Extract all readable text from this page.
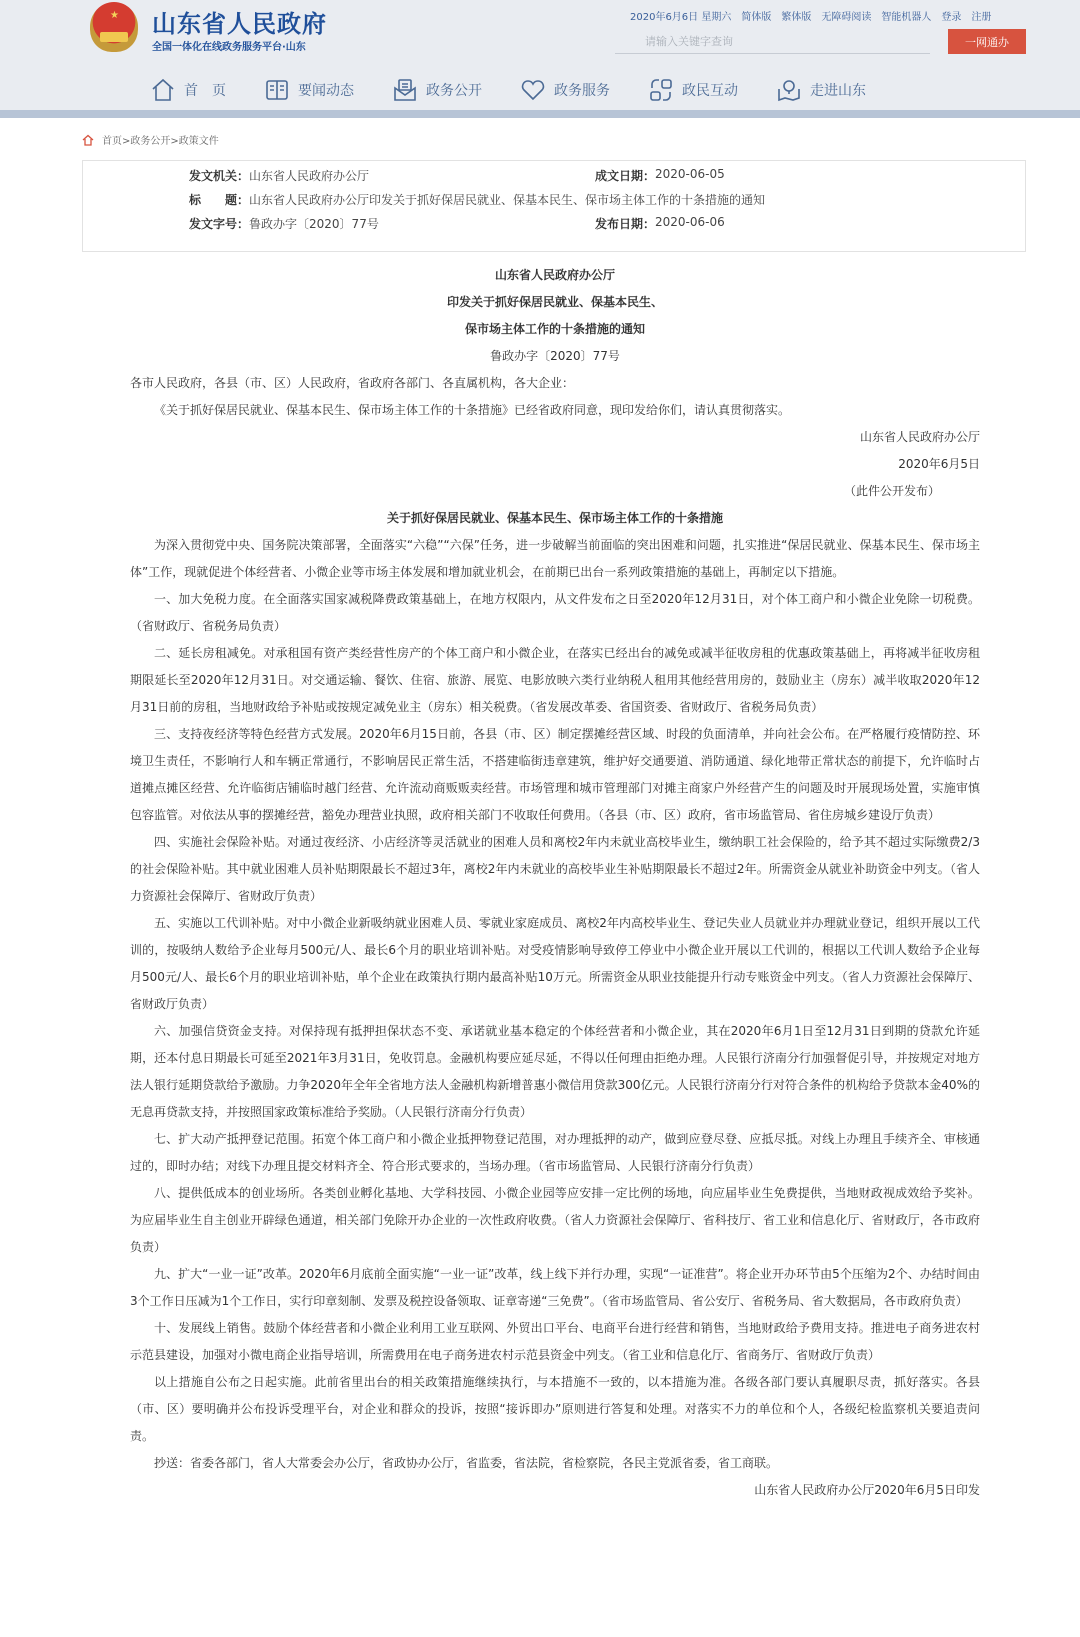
★ 山东省人民政府
全国一体化在线政务服务平台·山东
2020年6月6日 星期六 简体版 繁体版 无障碍阅读 智能机器人 登录 注册
请输入关键字查询
一网通办
首　页	要闻动态	政务公开	政务服务	政民互动	走进山东
首页>政务公开>政策文件
发文机关： 山东省人民政府办公厅	成文日期： 2020-06-05
标　　题： 山东省人民政府办公厅印发关于抓好保居民就业、保基本民生、保市场主体工作的十条措施的通知
发文字号： 鲁政办字〔2020〕77号	发布日期： 2020-06-06

山东省人民政府办公厅

印发关于抓好保居民就业、保基本民生、

保市场主体工作的十条措施的通知

鲁政办字〔2020〕77号

各市人民政府，各县（市、区）人民政府，省政府各部门、各直属机构，各大企业：

《关于抓好保居民就业、保基本民生、保市场主体工作的十条措施》已经省政府同意，现印发给你们，请认真贯彻落实。

山东省人民政府办公厅

2020年6月5日

（此件公开发布）

关于抓好保居民就业、保基本民生、保市场主体工作的十条措施

为深入贯彻党中央、国务院决策部署，全面落实“六稳”“六保”任务，进一步破解当前面临的突出困难和问题，扎实推进“保居民就业、保基本民生、保市场主体”工作，现就促进个体经营者、小微企业等市场主体发展和增加就业机会，在前期已出台一系列政策措施的基础上，再制定以下措施。

一、加大免税力度。在全面落实国家减税降费政策基础上，在地方权限内，从文件发布之日至2020年12月31日，对个体工商户和小微企业免除一切税费。（省财政厅、省税务局负责）

二、延长房租减免。对承租国有资产类经营性房产的个体工商户和小微企业，在落实已经出台的减免或减半征收房租的优惠政策基础上，再将减半征收房租期限延长至2020年12月31日。对交通运输、餐饮、住宿、旅游、展览、电影放映六类行业纳税人租用其他经营用房的，鼓励业主（房东）减半收取2020年12月31日前的房租，当地财政给予补贴或按规定减免业主（房东）相关税费。（省发展改革委、省国资委、省财政厅、省税务局负责）

三、支持夜经济等特色经营方式发展。2020年6月15日前，各县（市、区）制定摆摊经营区域、时段的负面清单，并向社会公布。在严格履行疫情防控、环境卫生责任，不影响行人和车辆正常通行，不影响居民正常生活，不搭建临街违章建筑，维护好交通要道、消防通道、绿化地带正常状态的前提下，允许临时占道摊点摊区经营、允许临街店铺临时越门经营、允许流动商贩贩卖经营。市场管理和城市管理部门对摊主商家户外经营产生的问题及时开展现场处置，实施审慎包容监管。对依法从事的摆摊经营，豁免办理营业执照，政府相关部门不收取任何费用。（各县（市、区）政府，省市场监管局、省住房城乡建设厅负责）

四、实施社会保险补贴。对通过夜经济、小店经济等灵活就业的困难人员和离校2年内未就业高校毕业生，缴纳职工社会保险的，给予其不超过实际缴费2/3的社会保险补贴。其中就业困难人员补贴期限最长不超过3年，离校2年内未就业的高校毕业生补贴期限最长不超过2年。所需资金从就业补助资金中列支。（省人力资源社会保障厅、省财政厅负责）

五、实施以工代训补贴。对中小微企业新吸纳就业困难人员、零就业家庭成员、离校2年内高校毕业生、登记失业人员就业并办理就业登记，组织开展以工代训的，按吸纳人数给予企业每月500元/人、最长6个月的职业培训补贴。对受疫情影响导致停工停业中小微企业开展以工代训的，根据以工代训人数给予企业每月500元/人、最长6个月的职业培训补贴，单个企业在政策执行期内最高补贴10万元。所需资金从职业技能提升行动专账资金中列支。（省人力资源社会保障厅、省财政厅负责）

六、加强信贷资金支持。对保持现有抵押担保状态不变、承诺就业基本稳定的个体经营者和小微企业，其在2020年6月1日至12月31日到期的贷款允许延期，还本付息日期最长可延至2021年3月31日，免收罚息。金融机构要应延尽延，不得以任何理由拒绝办理。人民银行济南分行加强督促引导，并按规定对地方法人银行延期贷款给予激励。力争2020年全年全省地方法人金融机构新增普惠小微信用贷款300亿元。人民银行济南分行对符合条件的机构给予贷款本金40%的无息再贷款支持，并按照国家政策标准给予奖励。（人民银行济南分行负责）

七、扩大动产抵押登记范围。拓宽个体工商户和小微企业抵押物登记范围，对办理抵押的动产，做到应登尽登、应抵尽抵。对线上办理且手续齐全、审核通过的，即时办结；对线下办理且提交材料齐全、符合形式要求的，当场办理。（省市场监管局、人民银行济南分行负责）

八、提供低成本的创业场所。各类创业孵化基地、大学科技园、小微企业园等应安排一定比例的场地，向应届毕业生免费提供，当地财政视成效给予奖补。为应届毕业生自主创业开辟绿色通道，相关部门免除开办企业的一次性政府收费。（省人力资源社会保障厅、省科技厅、省工业和信息化厅、省财政厅，各市政府负责）

九、扩大“一业一证”改革。2020年6月底前全面实施“一业一证”改革，线上线下并行办理，实现“一证准营”。将企业开办环节由5个压缩为2个、办结时间由3个工作日压减为1个工作日，实行印章刻制、发票及税控设备领取、证章寄递“三免费”。（省市场监管局、省公安厅、省税务局、省大数据局，各市政府负责）

十、发展线上销售。鼓励个体经营者和小微企业利用工业互联网、外贸出口平台、电商平台进行经营和销售，当地财政给予费用支持。推进电子商务进农村示范县建设，加强对小微电商企业指导培训，所需费用在电子商务进农村示范县资金中列支。（省工业和信息化厅、省商务厅、省财政厅负责）

以上措施自公布之日起实施。此前省里出台的相关政策措施继续执行，与本措施不一致的，以本措施为准。各级各部门要认真履职尽责，抓好落实。各县（市、区）要明确并公布投诉受理平台，对企业和群众的投诉，按照“接诉即办”原则进行答复和处理。对落实不力的单位和个人，各级纪检监察机关要追责问责。

抄送：省委各部门，省人大常委会办公厅，省政协办公厅，省监委，省法院，省检察院，各民主党派省委，省工商联。

山东省人民政府办公厅2020年6月5日印发
